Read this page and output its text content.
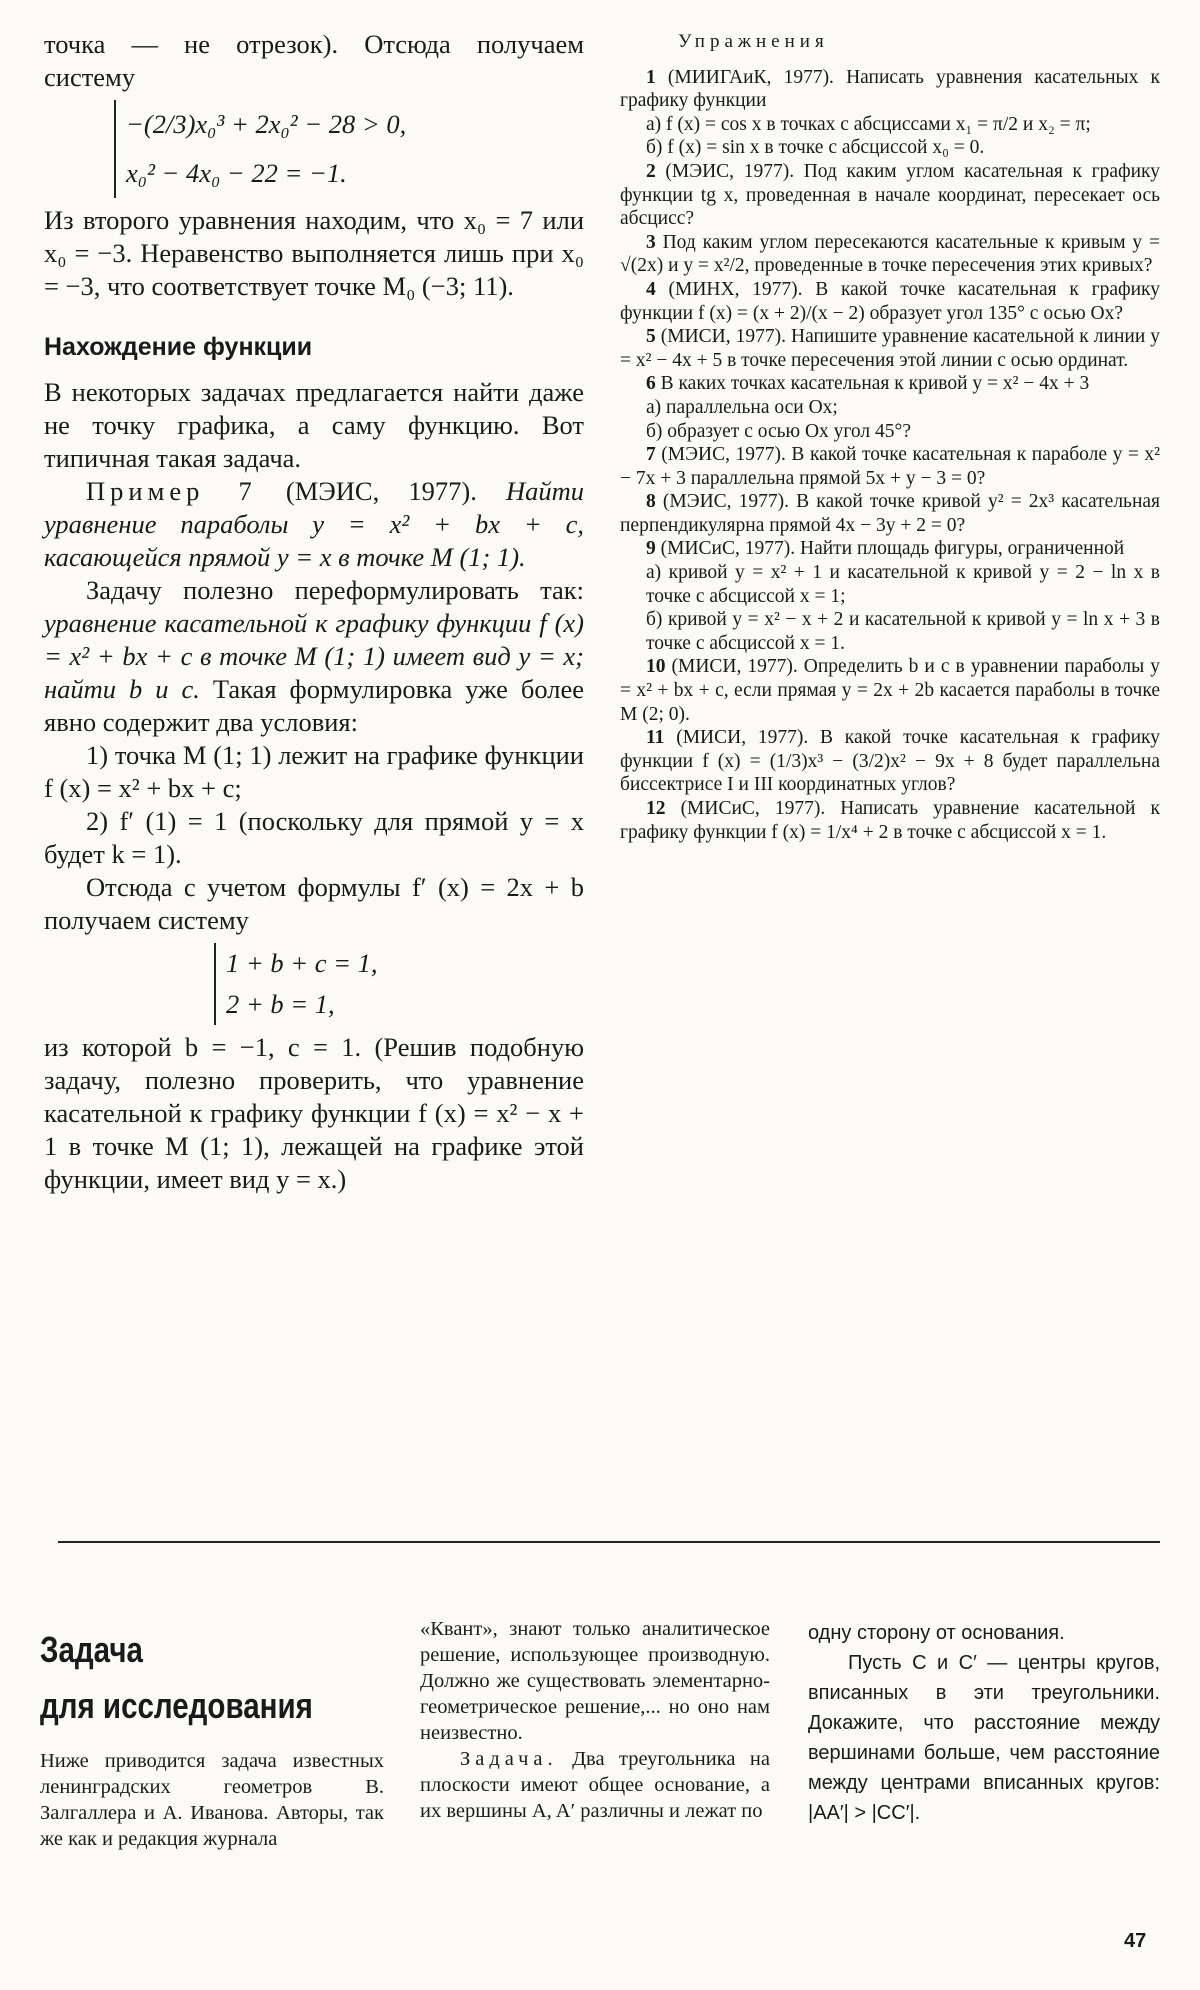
точка — не отрезок). Отсюда получаем систему

−(2/3)x₀³ + 2x₀² − 28 > 0,
x₀² − 4x₀ − 22 = −1.

Из второго уравнения находим, что x₀ = 7 или x₀ = −3. Неравенство выполняется лишь при x₀ = −3, что соответствует точке M₀ (−3; 11).

Нахождение функции

В некоторых задачах предлагается найти даже не точку графика, а саму функцию. Вот типичная такая задача.

Пример 7 (МЭИС, 1977). Найти уравнение параболы y = x² + bx + c, касающейся прямой y = x в точке M (1; 1).

Задачу полезно переформулировать так: уравнение касательной к графику функции f (x) = x² + bx + c в точке M (1; 1) имеет вид y = x; найти b и c. Такая формулировка уже более явно содержит два условия:

1) точка M (1; 1) лежит на графике функции f (x) = x² + bx + c;

2) f′ (1) = 1 (поскольку для прямой y = x будет k = 1).

Отсюда с учетом формулы f′ (x) = 2x + b получаем систему

1 + b + c = 1,
2 + b = 1,

из которой b = −1, c = 1. (Решив подобную задачу, полезно проверить, что уравнение касательной к графику функции f (x) = x² − x + 1 в точке M (1; 1), лежащей на графике этой функции, имеет вид y = x.)

Упражнения

1 (МИИГАиК, 1977). Написать уравнения касательных к графику функции

а) f (x) = cos x в точках с абсциссами x₁ = π/2 и x₂ = π;

б) f (x) = sin x в точке с абсциссой x₀ = 0.

2 (МЭИС, 1977). Под каким углом касательная к графику функции tg x, проведенная в начале координат, пересекает ось абсцисс?

3 Под каким углом пересекаются касательные к кривым y = √(2x) и y = x²/2, проведенные в точке пересечения этих кривых?

4 (МИНХ, 1977). В какой точке касательная к графику функции f (x) = (x + 2)/(x − 2) образует угол 135° с осью Ox?

5 (МИСИ, 1977). Напишите уравнение касательной к линии y = x² − 4x + 5 в точке пересечения этой линии с осью ординат.

6 В каких точках касательная к кривой y = x² − 4x + 3

а) параллельна оси Ox;

б) образует с осью Ox угол 45°?

7 (МЭИС, 1977). В какой точке касательная к параболе y = x² − 7x + 3 параллельна прямой 5x + y − 3 = 0?

8 (МЭИС, 1977). В какой точке кривой y² = 2x³ касательная перпендикулярна прямой 4x − 3y + 2 = 0?

9 (МИСиС, 1977). Найти площадь фигуры, ограниченной

а) кривой y = x² + 1 и касательной к кривой y = 2 − ln x в точке с абсциссой x = 1;

б) кривой y = x² − x + 2 и касательной к кривой y = ln x + 3 в точке с абсциссой x = 1.

10 (МИСИ, 1977). Определить b и c в уравнении параболы y = x² + bx + c, если прямая y = 2x + 2b касается параболы в точке M (2; 0).

11 (МИСИ, 1977). В какой точке касательная к графику функции f (x) = (1/3)x³ − (3/2)x² − 9x + 8 будет параллельна биссектрисе I и III координатных углов?

12 (МИСиС, 1977). Написать уравнение касательной к графику функции f (x) = 1/x⁴ + 2 в точке с абсциссой x = 1.

Задача
для исследования
Ниже приводится задача известных ленинградских геометров В. Залгаллера и А. Иванова. Авторы, так же как и редакция журнала
«Квант», знают только аналитическое решение, использующее производную. Должно же существовать элементарно-геометрическое решение,... но оно нам неизвестно.
Задача. Два треугольника на плоскости имеют общее основание, а их вершины A, A′ различны и лежат по
одну сторону от основания.
Пусть C и C′ — центры кругов, вписанных в эти треугольники. Докажите, что расстояние между вершинами больше, чем расстояние между центрами вписанных кругов: |AA′| > |CC′|.
47
